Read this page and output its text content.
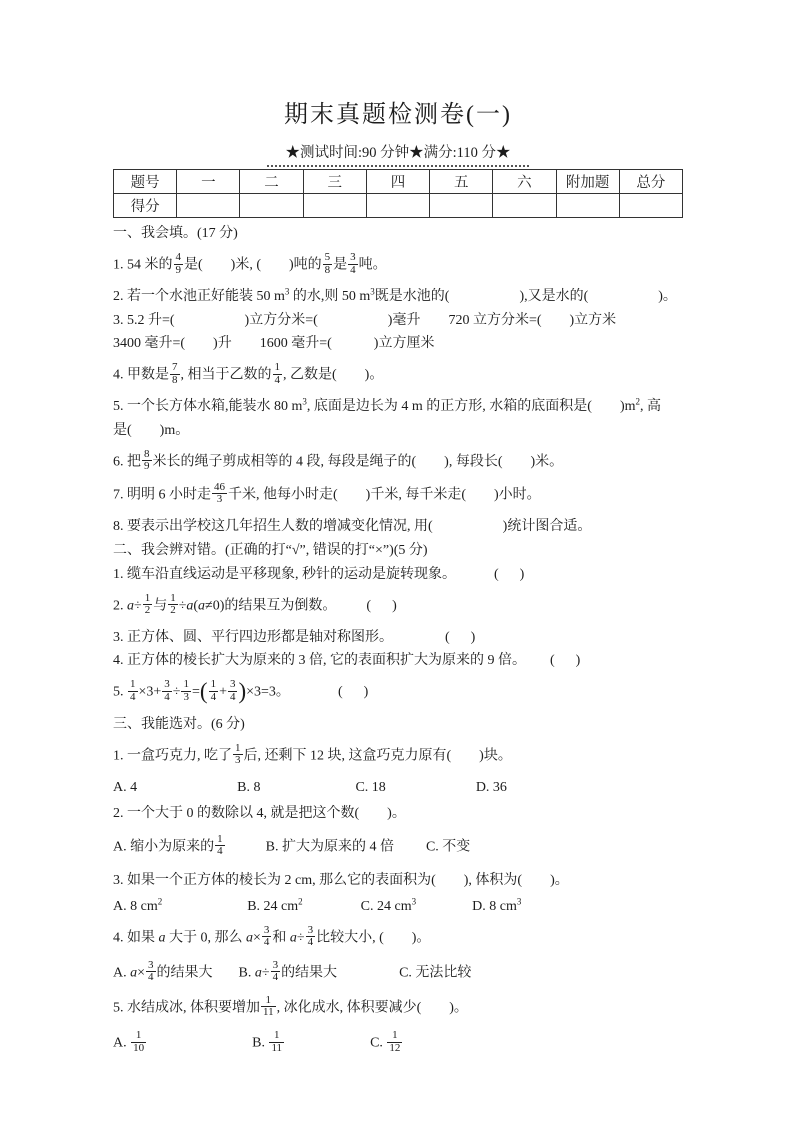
期末真题检测卷(一)
★测试时间:90 分钟★满分:110 分★
题号	一	二	三	四	五	六	附加题	总分
得分								
一、我会填。(17 分)
1. 54 米的 $\frac{4}{9}$ 是(  )米, (  )吨的 $\frac{5}{8}$ 是 $\frac{3}{4}$ 吨。
2. 若一个水池正好能装 50 $m^3$ 的水,则 50 $m^3$既是水池的(     ),又是水的(     )。
3. 5.2 升=(     )立方分米=(     )毫升　　720 立方分米=(  )立方米
3400 毫升=(  )升　　1600 毫升=(   )立方厘米
4. 甲数是 $\frac{7}{8}$ , 相当于乙数的 $\frac{1}{4}$ , 乙数是(  )。
5. 一个长方体水箱,能装水 80 $m^3$, 底面是边长为 4 m 的正方形, 水箱的底面积是(  )$m^2$, 高
是(  )m。
6. 把 $\frac{8}{9}$ 米长的绳子剪成相等的 4 段, 每段是绳子的(  ), 每段长(  )米。
7. 明明 6 小时走 $\frac{46}{3}$ 千米, 他每小时走(  )千米, 每千米走(  )小时。
8. 要表示出学校这几年招生人数的增减变化情况, 用(     )统计图合适。
二、我会辨对错。(正确的打“√”, 错误的打“×”)(5 分)
1. 缆车沿直线运动是平移现象, 秒针的运动是旋转现象。	(  )
2. $a\div \frac{1}{2}$ 与 $\frac{1}{2} \div a(a\ne 0)$的结果互为倒数。 (  )
3. 正方体、圆、平行四边形都是轴对称图形。	(  )
4. 正方体的棱长扩大为原来的 3 倍, 它的表面积扩大为原来的 9 倍。 (  )
5. $\frac{1}{4} \times 3+ \frac{3}{4} \div \frac{1}{3}$ =( $\frac{1}{4} + \frac{3}{4} )\times 3=3$。	(  )
三、我能选对。(6 分)
1. 一盒巧克力, 吃了 $\frac{1}{3}$ 后, 还剩下 12 块, 这盒巧克力原有(  )块。
A. 4	B. 8	C. 18	D. 36
2. 一个大于 0 的数除以 4, 就是把这个数(  )。
A. 缩小为原来的 $\frac{1}{4}$	B. 扩大为原来的 4 倍 C. 不变
3. 如果一个正方体的棱长为 2 cm, 那么它的表面积为(  ), 体积为(  )。
A. 8 $cm^2$	B. 24 $cm^2$	C. 24 $cm^3$	D. 8 $cm^3$
4. 如果 a 大于 0, 那么 $a\times \frac{3}{4}$ 和 $a\div \frac{3}{4}$ 比较大小, (  )。
A. $a\times \frac{3}{4}$ 的结果大 B. $a\div \frac{3}{4}$ 的结果大	C. 无法比较
5. 水结成冰, 体积要增加 $\frac{1}{11}$ , 冰化成水, 体积要减少(  )。
A. $\frac{1}{10}$	B. $\frac{1}{11}$	C. $\frac{1}{12}$
